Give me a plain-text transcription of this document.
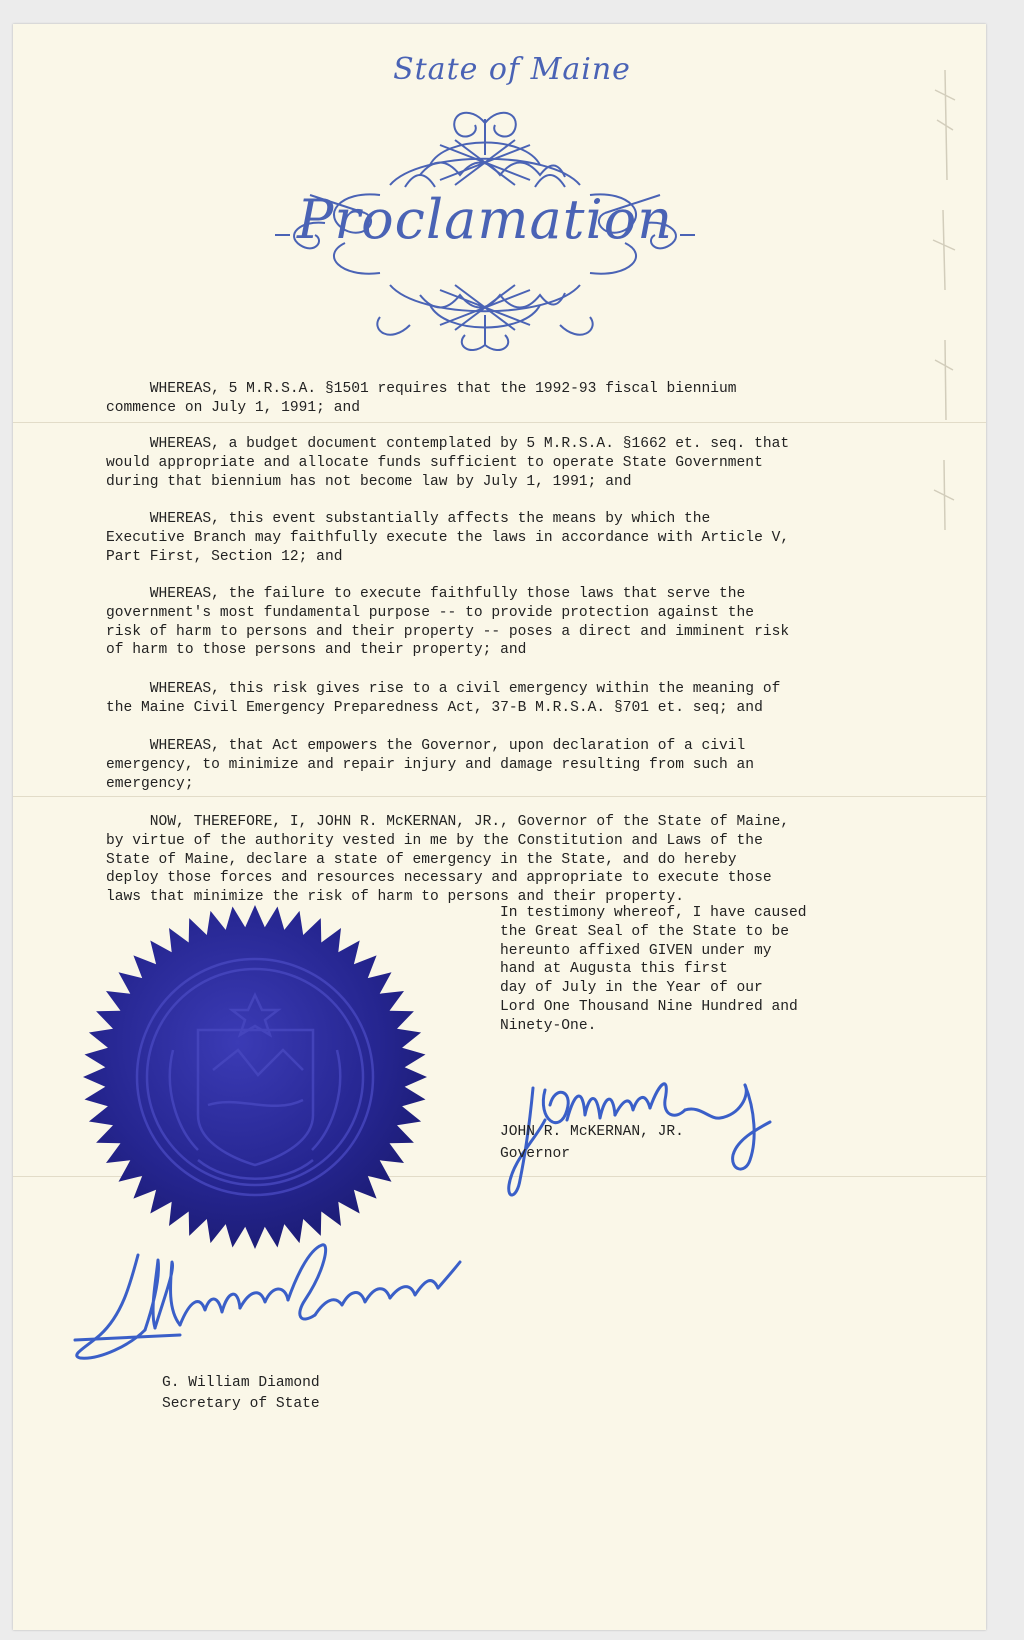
State of Maine
Proclamation

WHEREAS, 5 M.R.S.A. §1501 requires that the 1992-93 fiscal biennium
commence on July 1, 1991; and

WHEREAS, a budget document contemplated by 5 M.R.S.A. §1662 et. seq. that
would appropriate and allocate funds sufficient to operate State Government
during that biennium has not become law by July 1, 1991; and

WHEREAS, this event substantially affects the means by which the
Executive Branch may faithfully execute the laws in accordance with Article V,
Part First, Section 12; and

WHEREAS, the failure to execute faithfully those laws that serve the
government's most fundamental purpose -- to provide protection against the
risk of harm to persons and their property -- poses a direct and imminent risk
of harm to those persons and their property; and

WHEREAS, this risk gives rise to a civil emergency within the meaning of
the Maine Civil Emergency Preparedness Act, 37-B M.R.S.A. §701 et. seq; and

WHEREAS, that Act empowers the Governor, upon declaration of a civil
emergency, to minimize and repair injury and damage resulting from such an
emergency;

NOW, THEREFORE, I, JOHN R. McKERNAN, JR., Governor of the State of Maine,
by virtue of the authority vested in me by the Constitution and Laws of the
State of Maine, declare a state of emergency in the State, and do hereby
deploy those forces and resources necessary and appropriate to execute those
laws that minimize the risk of harm to persons and their property.

In testimony whereof, I have caused
the Great Seal of the State to be
hereunto affixed GIVEN under my
hand at Augusta this first
day of July in the Year of our
Lord One Thousand Nine Hundred and
Ninety-One.

JOHN R. McKERNAN, JR.
Governor
G. William Diamond
Secretary of State
